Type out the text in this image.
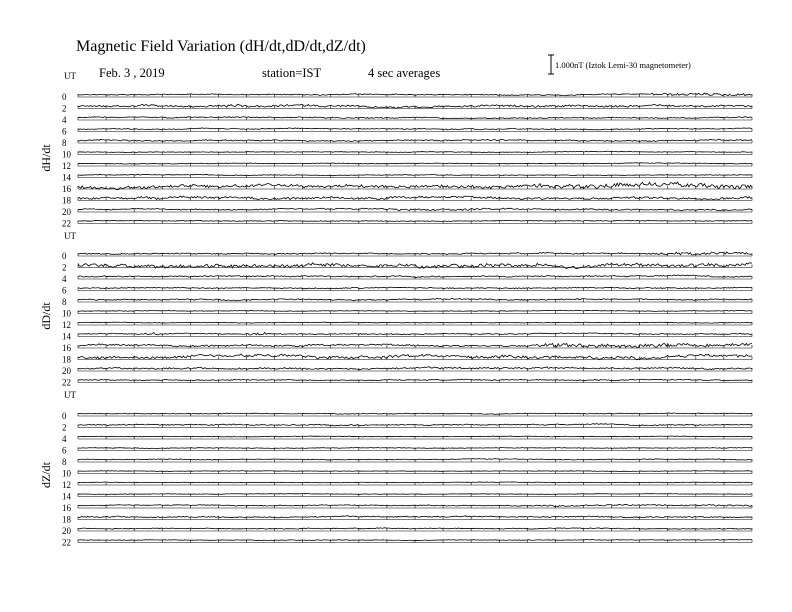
Magnetic Field Variation (dH/dt,dD/dt,dZ/dt)
Feb. 3 , 2019	station=IST	4 sec averages
1.000nT (Iztok Lemi-30 magnetometer)
UT
dH/dt
0
2
4
6
8
10
12
14
16
18
20
22
UT
dD/dt
0
2
4
6
8
10
12
14
16
18
20
22
UT
dZ/dt
0
2
4
6
8
10
12
14
16
18
20
22
